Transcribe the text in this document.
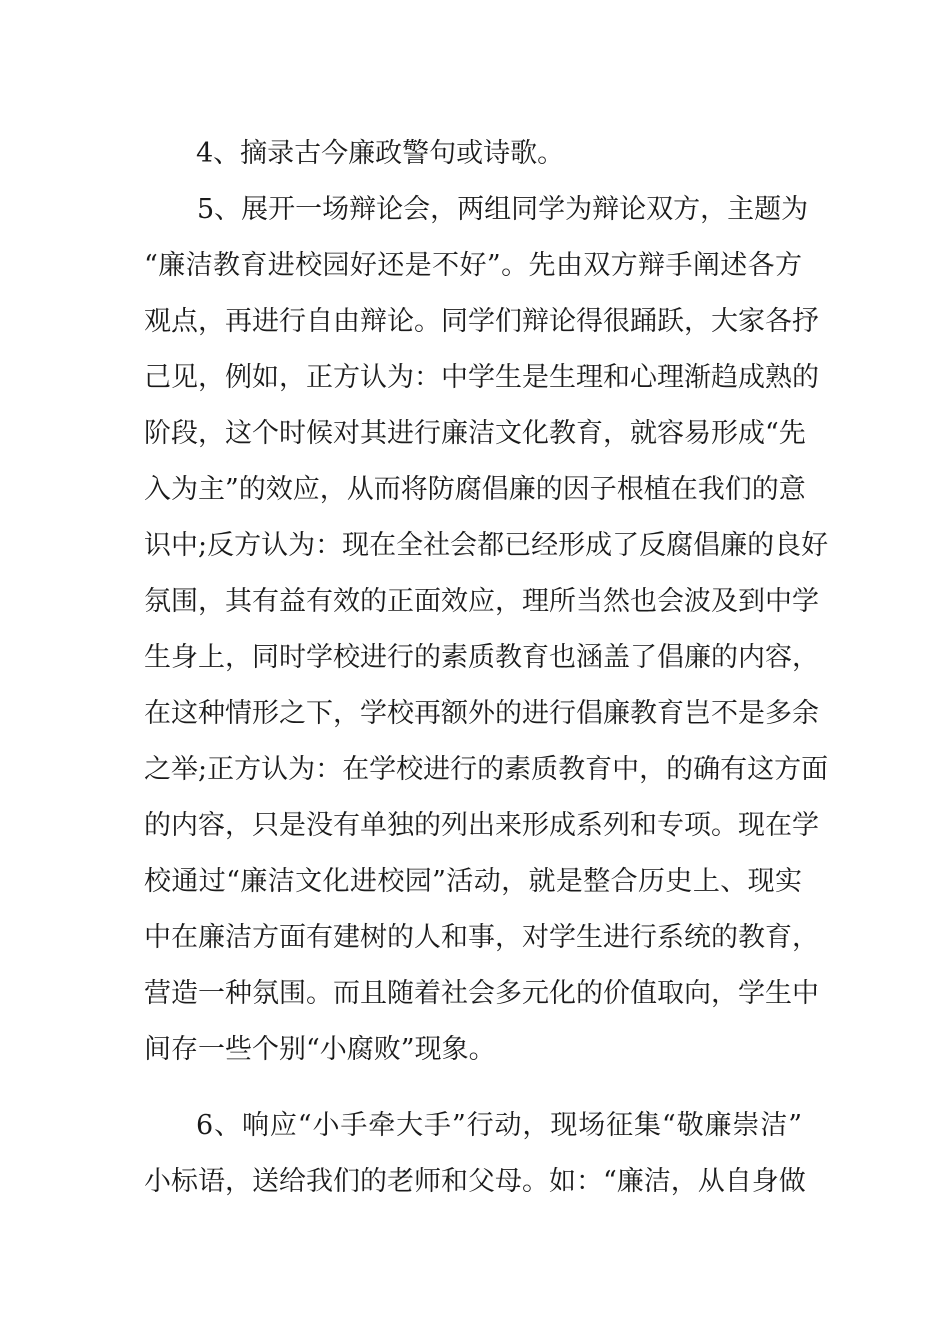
4、摘录古今廉政警句或诗歌。
5、展开一场辩论会，两组同学为辩论双方，主题为
“廉洁教育进校园好还是不好”。先由双方辩手阐述各方
观点，再进行自由辩论。同学们辩论得很踊跃，大家各抒
己见，例如，正方认为：中学生是生理和心理渐趋成熟的
阶段，这个时候对其进行廉洁文化教育，就容易形成“先
入为主”的效应，从而将防腐倡廉的因子根植在我们的意
识中;反方认为：现在全社会都已经形成了反腐倡廉的良好
氛围，其有益有效的正面效应，理所当然也会波及到中学
生身上，同时学校进行的素质教育也涵盖了倡廉的内容，
在这种情形之下，学校再额外的进行倡廉教育岂不是多余
之举;正方认为：在学校进行的素质教育中，的确有这方面
的内容，只是没有单独的列出来形成系列和专项。现在学
校通过“廉洁文化进校园”活动，就是整合历史上、现实
中在廉洁方面有建树的人和事，对学生进行系统的教育，
营造一种氛围。而且随着社会多元化的价值取向，学生中
间存一些个别“小腐败”现象。
6、响应“小手牵大手”行动，现场征集“敬廉崇洁”
小标语，送给我们的老师和父母。如：“廉洁，从自身做
